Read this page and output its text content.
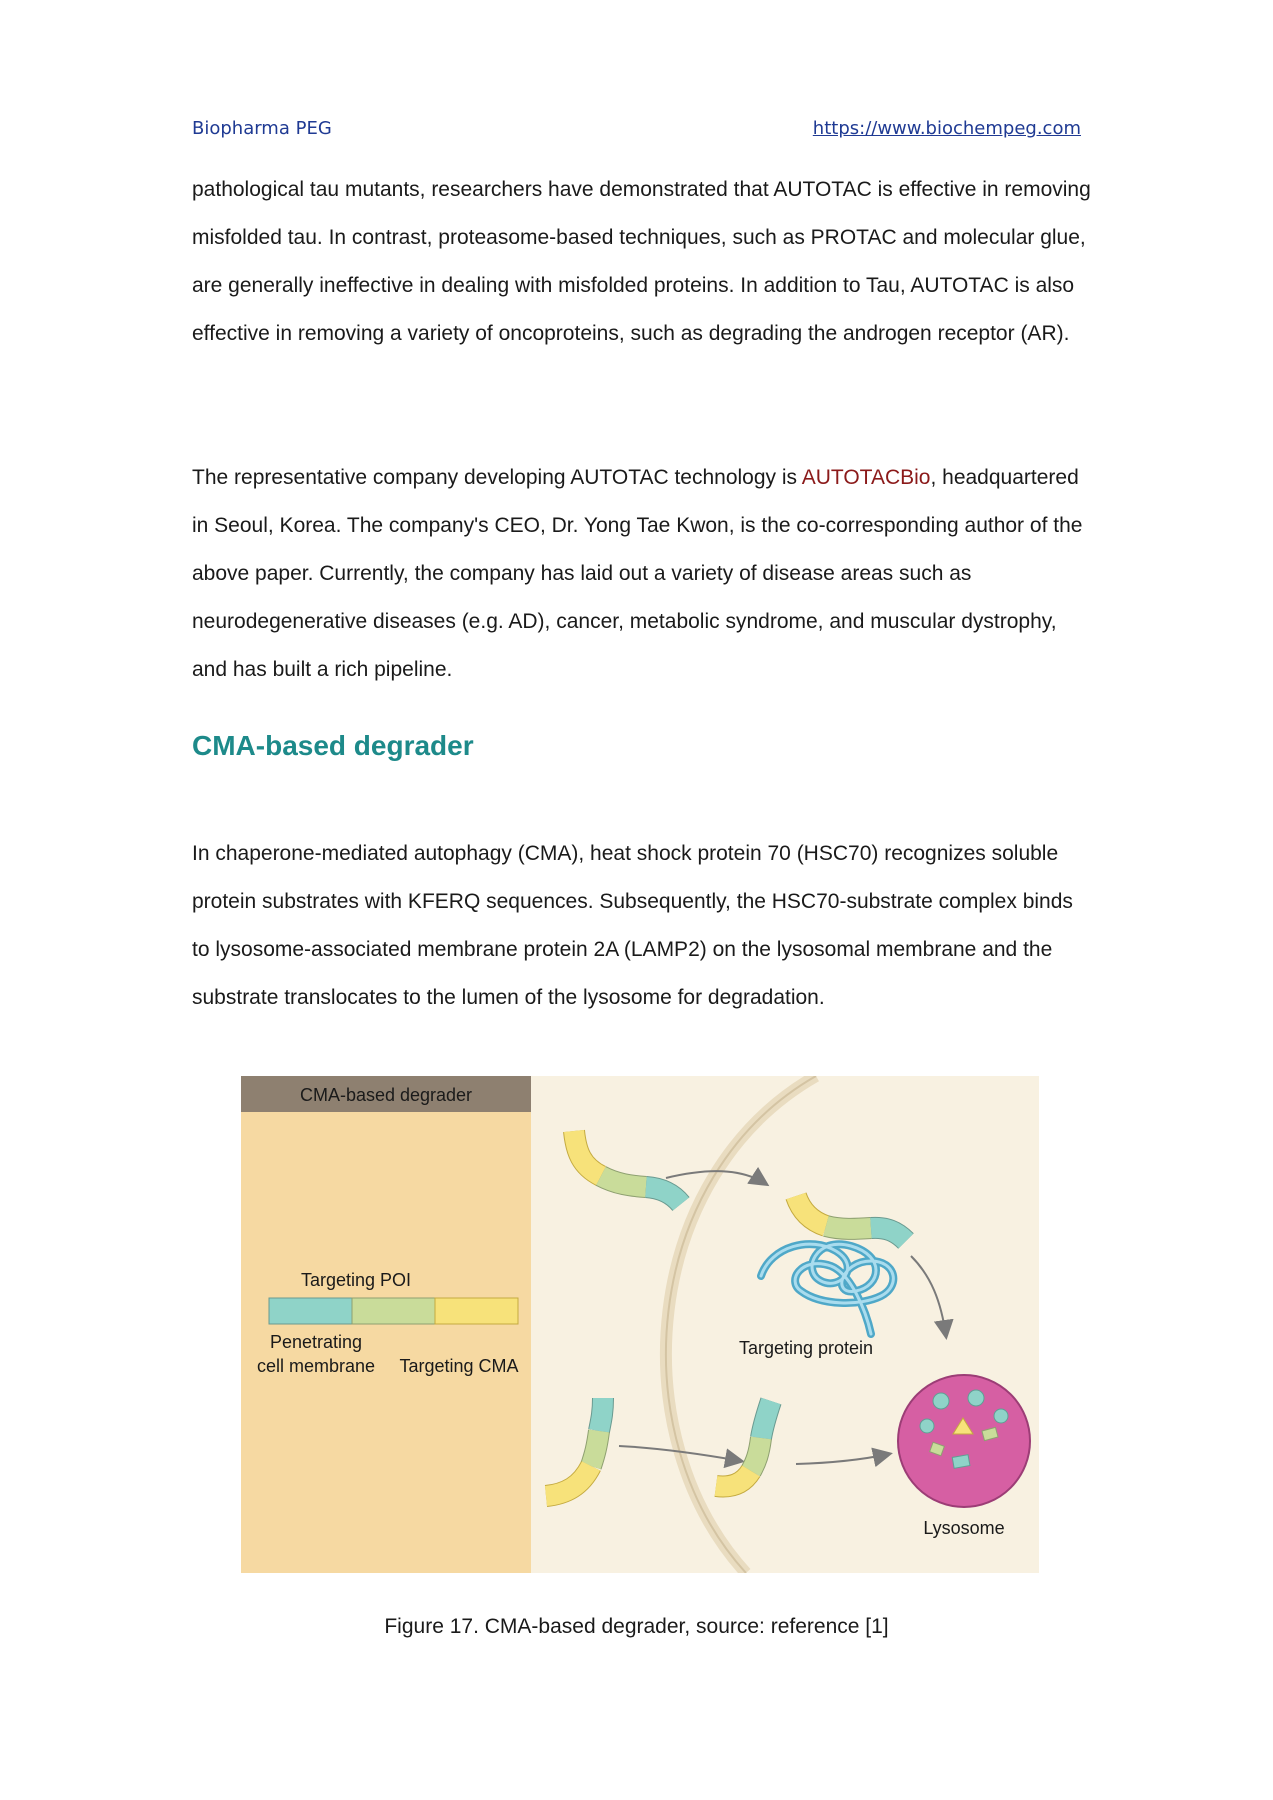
Biopharma PEG	https://www.biochempeg.com

pathological tau mutants, researchers have demonstrated that AUTOTAC is effective in removing misfolded tau. In contrast, proteasome-based techniques, such as PROTAC and molecular glue, are generally ineffective in dealing with misfolded proteins. In addition to Tau, AUTOTAC is also effective in removing a variety of oncoproteins, such as degrading the androgen receptor (AR).

The representative company developing AUTOTAC technology is AUTOTACBio, headquartered in Seoul, Korea. The company's CEO, Dr. Yong Tae Kwon, is the co-corresponding author of the above paper. Currently, the company has laid out a variety of disease areas such as neurodegenerative diseases (e.g. AD), cancer, metabolic syndrome, and muscular dystrophy, and has built a rich pipeline.

CMA-based degrader

In chaperone-mediated autophagy (CMA), heat shock protein 70 (HSC70) recognizes soluble protein substrates with KFERQ sequences. Subsequently, the HSC70-substrate complex binds to lysosome-associated membrane protein 2A (LAMP2) on the lysosomal membrane and the substrate translocates to the lumen of the lysosome for degradation.

CMA-based degrader
Targeting POI
Penetrating
cell membrane Targeting CMA
Targeting protein
Lysosome
Figure 17. CMA-based degrader, source: reference [1]
